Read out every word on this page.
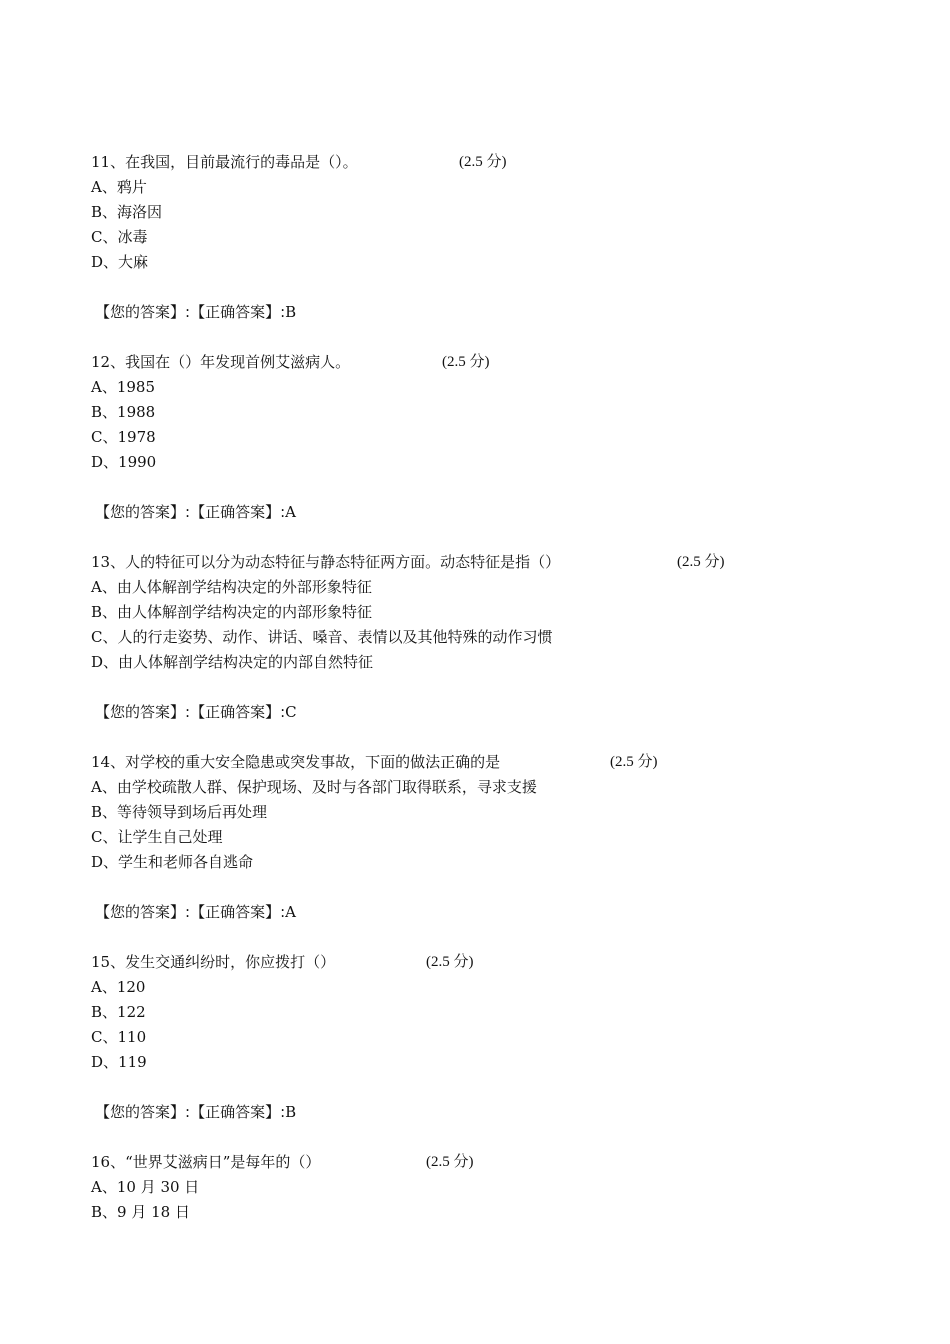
11、在我国，目前最流行的毒品是（）。	(2.5 分)
A、鸦片
B、海洛因
C、冰毒
D、大麻
【您的答案】:【正确答案】:B
12、我国在（）年发现首例艾滋病人。	(2.5 分)
A、1985
B、1988
C、1978
D、1990
【您的答案】:【正确答案】:A
13、人的特征可以分为动态特征与静态特征两方面。动态特征是指（）	(2.5 分)
A、由人体解剖学结构决定的外部形象特征
B、由人体解剖学结构决定的内部形象特征
C、人的行走姿势、动作、讲话、嗓音、表情以及其他特殊的动作习惯
D、由人体解剖学结构决定的内部自然特征
【您的答案】:【正确答案】:C
14、对学校的重大安全隐患或突发事故，下面的做法正确的是	(2.5 分)
A、由学校疏散人群、保护现场、及时与各部门取得联系，寻求支援
B、等待领导到场后再处理
C、让学生自己处理
D、学生和老师各自逃命
【您的答案】:【正确答案】:A
15、发生交通纠纷时，你应拨打（）	(2.5 分)
A、120
B、122
C、110
D、119
【您的答案】:【正确答案】:B
16、“世界艾滋病日”是每年的（）	(2.5 分)
A、10 月 30 日
B、9 月 18 日
